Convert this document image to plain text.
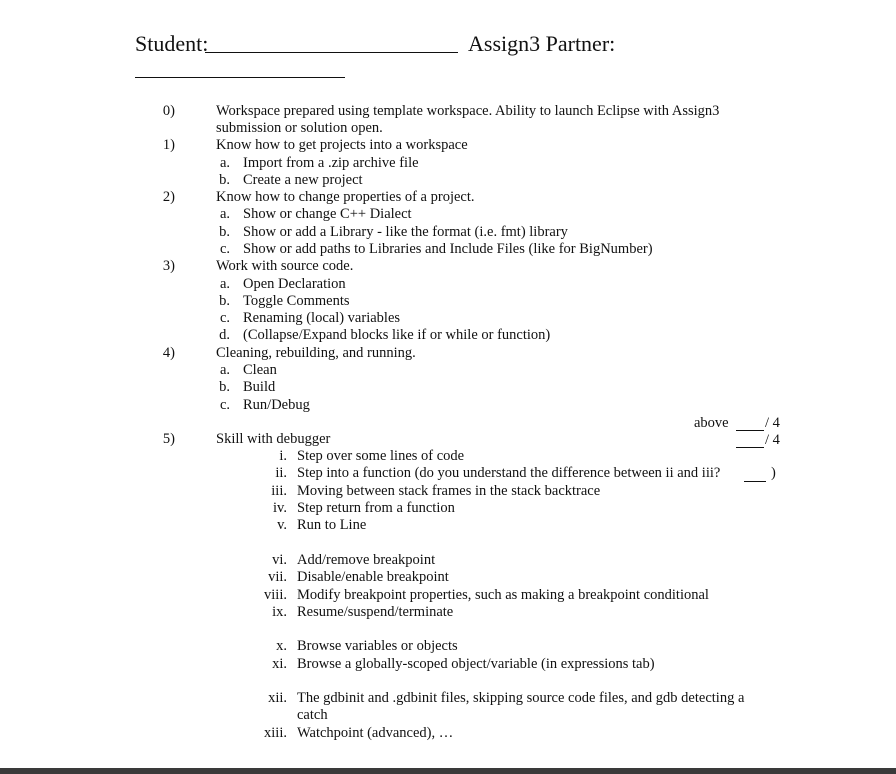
Student:	Assign3 Partner:
0)	Workspace prepared using template workspace. Ability to launch Eclipse with Assign3
submission or solution open.
1)	Know how to get projects into a workspace
a. Import from a .zip archive file
b. Create a new project
2)	Know how to change properties of a project.
a. Show or change C++ Dialect
b. Show or add a Library - like the format (i.e. fmt) library
c. Show or add paths to Libraries and Include Files (like for BigNumber)
3)	Work with source code.
a. Open Declaration
b. Toggle Comments
c. Renaming (local) variables
d. (Collapse/Expand blocks like if or while or function)
4)	Cleaning, rebuilding, and running.
a. Clean
b. Build
c. Run/Debug
above	/ 4
/ 4
5)	Skill with debugger
i. Step over some lines of code
ii. Step into a function (do you understand the difference between ii and iii?	)
iii. Moving between stack frames in the stack backtrace
iv. Step return from a function
v. Run to Line
vi. Add/remove breakpoint
vii. Disable/enable breakpoint
viii. Modify breakpoint properties, such as making a breakpoint conditional
ix. Resume/suspend/terminate
x. Browse variables or objects
xi. Browse a globally-scoped object/variable (in expressions tab)
xii. The gdbinit and .gdbinit files, skipping source code files, and gdb detecting a
catch
xiii. Watchpoint (advanced), …
